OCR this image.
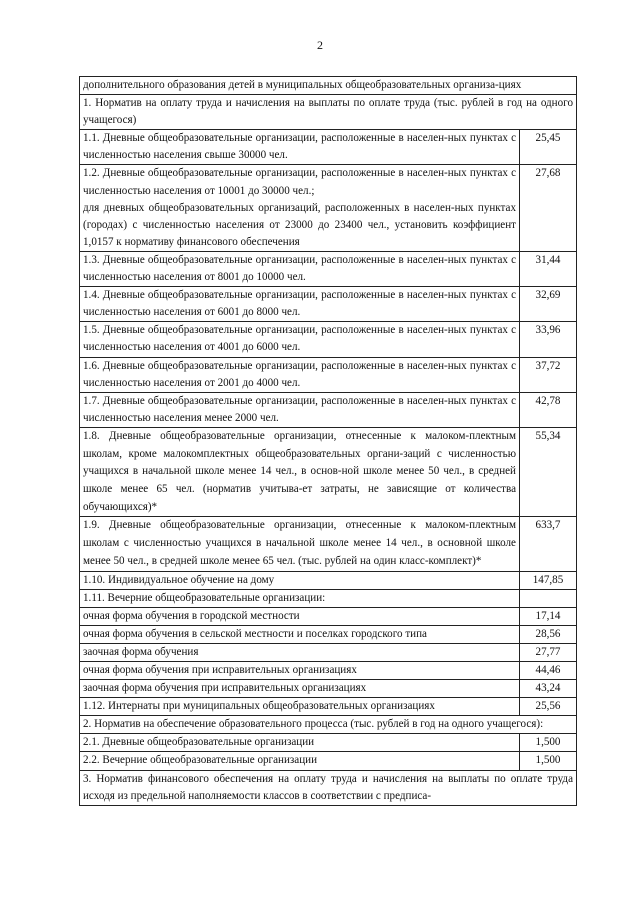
2
дополнительного образования детей в муниципальных общеобразовательных организа-циях	
1. Норматив на оплату труда и начисления на выплаты по оплате труда (тыс. рублей в год на одного учащегося)	

1.1. Дневные общеобразовательные организации, расположенные в населен-ных пунктах с численностью населения свыше 30000 чел.	25,45

1.2. Дневные общеобразовательные организации, расположенные в населен-ных пунктах с численностью населения от 10001 до 30000 чел.;
для дневных общеобразовательных организаций, расположенных в населен-ных пунктах (городах) с численностью населения от 23000 до 23400 чел., установить коэффициент 1,0157 к нормативу финансового обеспечения	27,68

1.3. Дневные общеобразовательные организации, расположенные в населен-ных пунктах с численностью населения от 8001 до 10000 чел.	31,44

1.4. Дневные общеобразовательные организации, расположенные в населен-ных пунктах с численностью населения от 6001 до 8000 чел.	32,69

1.5. Дневные общеобразовательные организации, расположенные в населен-ных пунктах с численностью населения от 4001 до 6000 чел.	33,96

1.6. Дневные общеобразовательные организации, расположенные в населен-ных пунктах с численностью населения от 2001 до 4000 чел.	37,72

1.7. Дневные общеобразовательные организации, расположенные в населен-ных пунктах с численностью населения менее 2000 чел.	42,78

1.8. Дневные общеобразовательные организации, отнесенные к малоком-плектным школам, кроме малокомплектных общеобразовательных органи-заций с численностью учащихся в начальной школе менее 14 чел., в основ-ной школе менее 50 чел., в средней школе менее 65 чел. (норматив учитыва-ет затраты, не зависящие от количества обучающихся)*	55,34

1.9. Дневные общеобразовательные организации, отнесенные к малоком-плектным школам с численностью учащихся в начальной школе менее 14 чел., в основной школе менее 50 чел., в средней школе менее 65 чел. (тыс. рублей на один класс-комплект)*	633,7

1.10. Индивидуальное обучение на дому	147,85

1.11. Вечерние общеобразовательные организации:	

очная форма обучения в городской местности	17,14

очная форма обучения в сельской местности и поселках городского типа	28,56

заочная форма обучения	27,77

очная форма обучения при исправительных организациях	44,46

заочная форма обучения при исправительных организациях	43,24

1.12. Интернаты при муниципальных общеобразовательных организациях	25,56
2. Норматив на обеспечение образовательного процесса (тыс. рублей в год на одного учащегося):	

2.1. Дневные общеобразовательные организации	1,500

2.2. Вечерние общеобразовательные организации	1,500
3. Норматив финансового обеспечения на оплату труда и начисления на выплаты по оплате труда исходя из предельной наполняемости классов в соответствии с предписа-	
